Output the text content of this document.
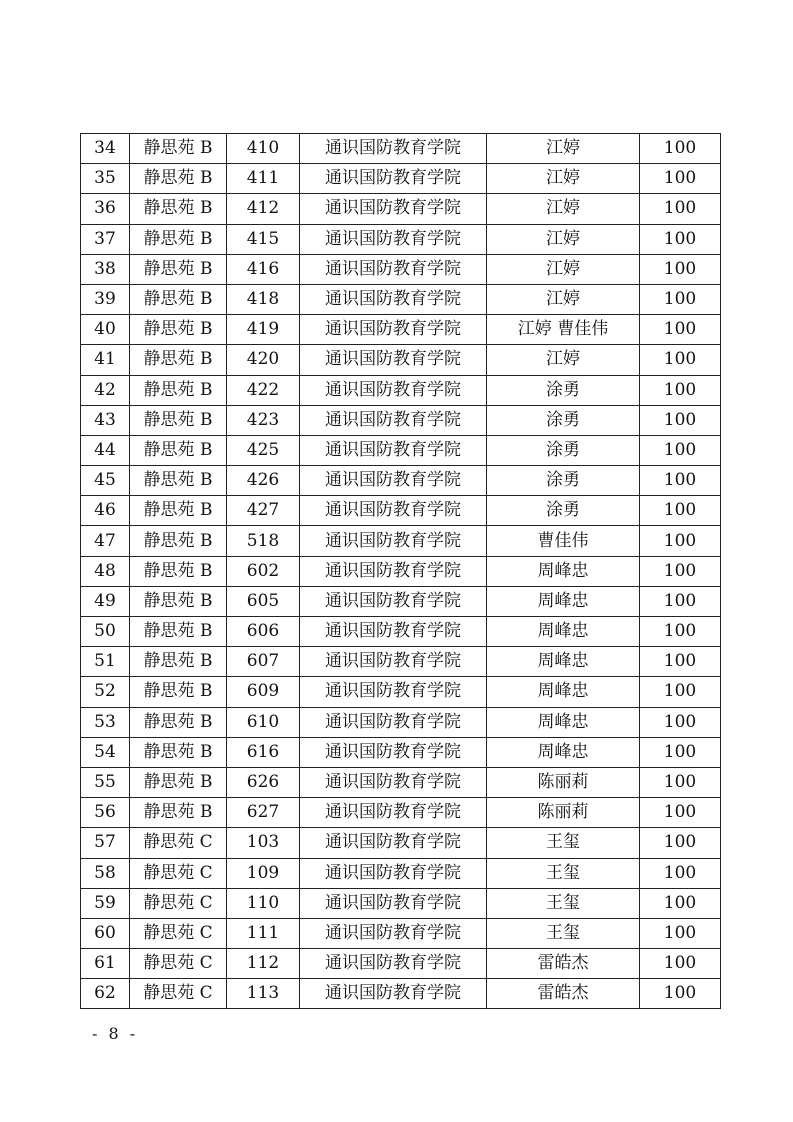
34	静思苑 B	410	通识国防教育学院	江婷	100
35	静思苑 B	411	通识国防教育学院	江婷	100
36	静思苑 B	412	通识国防教育学院	江婷	100
37	静思苑 B	415	通识国防教育学院	江婷	100
38	静思苑 B	416	通识国防教育学院	江婷	100
39	静思苑 B	418	通识国防教育学院	江婷	100
40	静思苑 B	419	通识国防教育学院	江婷 曹佳伟	100
41	静思苑 B	420	通识国防教育学院	江婷	100
42	静思苑 B	422	通识国防教育学院	涂勇	100
43	静思苑 B	423	通识国防教育学院	涂勇	100
44	静思苑 B	425	通识国防教育学院	涂勇	100
45	静思苑 B	426	通识国防教育学院	涂勇	100
46	静思苑 B	427	通识国防教育学院	涂勇	100
47	静思苑 B	518	通识国防教育学院	曹佳伟	100
48	静思苑 B	602	通识国防教育学院	周峰忠	100
49	静思苑 B	605	通识国防教育学院	周峰忠	100
50	静思苑 B	606	通识国防教育学院	周峰忠	100
51	静思苑 B	607	通识国防教育学院	周峰忠	100
52	静思苑 B	609	通识国防教育学院	周峰忠	100
53	静思苑 B	610	通识国防教育学院	周峰忠	100
54	静思苑 B	616	通识国防教育学院	周峰忠	100
55	静思苑 B	626	通识国防教育学院	陈丽莉	100
56	静思苑 B	627	通识国防教育学院	陈丽莉	100
57	静思苑 C	103	通识国防教育学院	王玺	100
58	静思苑 C	109	通识国防教育学院	王玺	100
59	静思苑 C	110	通识国防教育学院	王玺	100
60	静思苑 C	111	通识国防教育学院	王玺	100
61	静思苑 C	112	通识国防教育学院	雷皓杰	100
62	静思苑 C	113	通识国防教育学院	雷皓杰	100
- 8 -
